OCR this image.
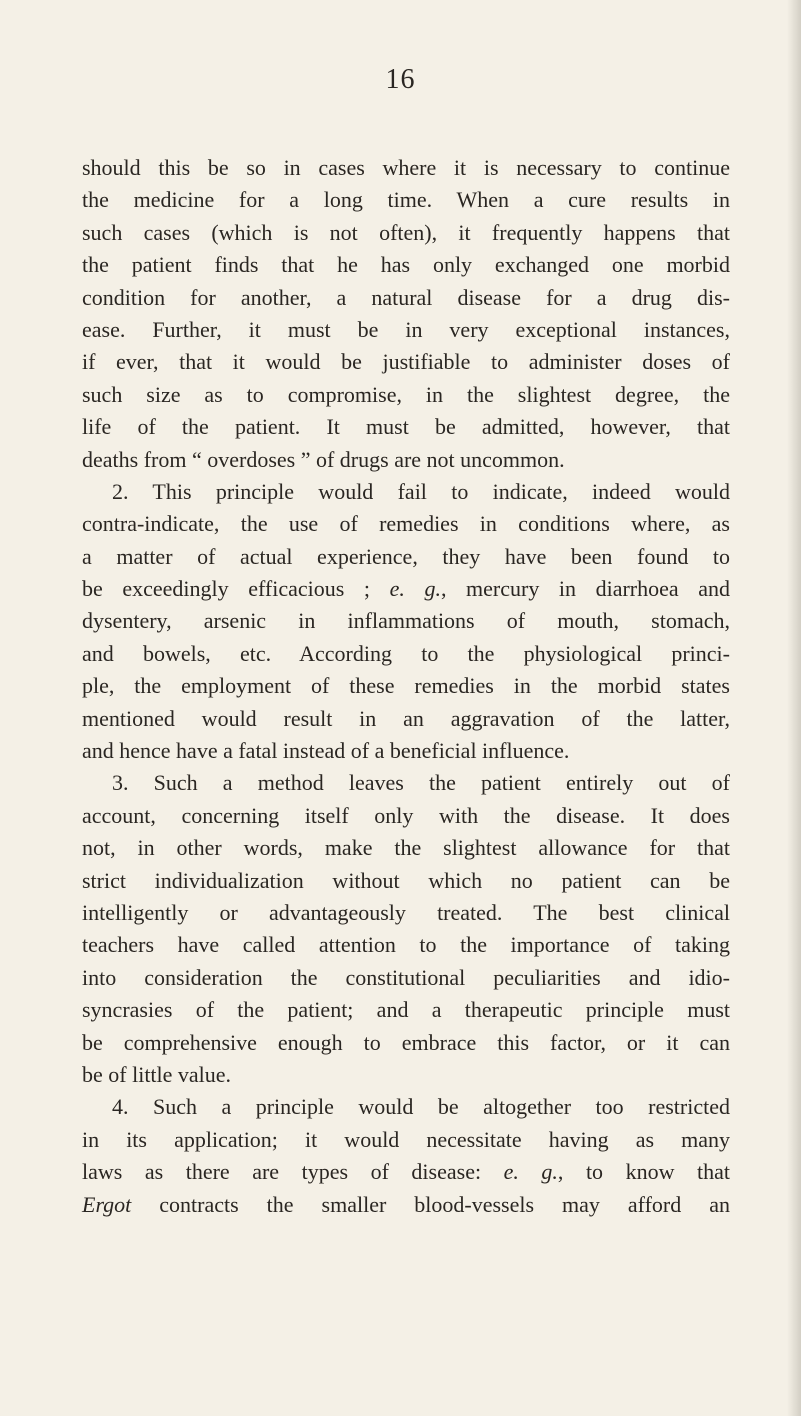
16
should this be so in cases where it is necessary to continue
the medicine for a long time. When a cure results in
such cases (which is not often), it frequently happens that
the patient finds that he has only exchanged one morbid
condition for another, a natural disease for a drug dis-
ease. Further, it must be in very exceptional instances,
if ever, that it would be justifiable to administer doses of
such size as to compromise, in the slightest degree, the
life of the patient. It must be admitted, however, that
deaths from “ overdoses ” of drugs are not uncommon.
2. This principle would fail to indicate, indeed would
contra-indicate, the use of remedies in conditions where, as
a matter of actual experience, they have been found to
be exceedingly efficacious ; e. g., mercury in diarrhoea and
dysentery, arsenic in inflammations of mouth, stomach,
and bowels, etc. According to the physiological princi-
ple, the employment of these remedies in the morbid states
mentioned would result in an aggravation of the latter,
and hence have a fatal instead of a beneficial influence.
3. Such a method leaves the patient entirely out of
account, concerning itself only with the disease. It does
not, in other words, make the slightest allowance for that
strict individualization without which no patient can be
intelligently or advantageously treated. The best clinical
teachers have called attention to the importance of taking
into consideration the constitutional peculiarities and idio-
syncrasies of the patient; and a therapeutic principle must
be comprehensive enough to embrace this factor, or it can
be of little value.
4. Such a principle would be altogether too restricted
in its application; it would necessitate having as many
laws as there are types of disease: e. g., to know that
Ergot contracts the smaller blood-vessels may afford an
